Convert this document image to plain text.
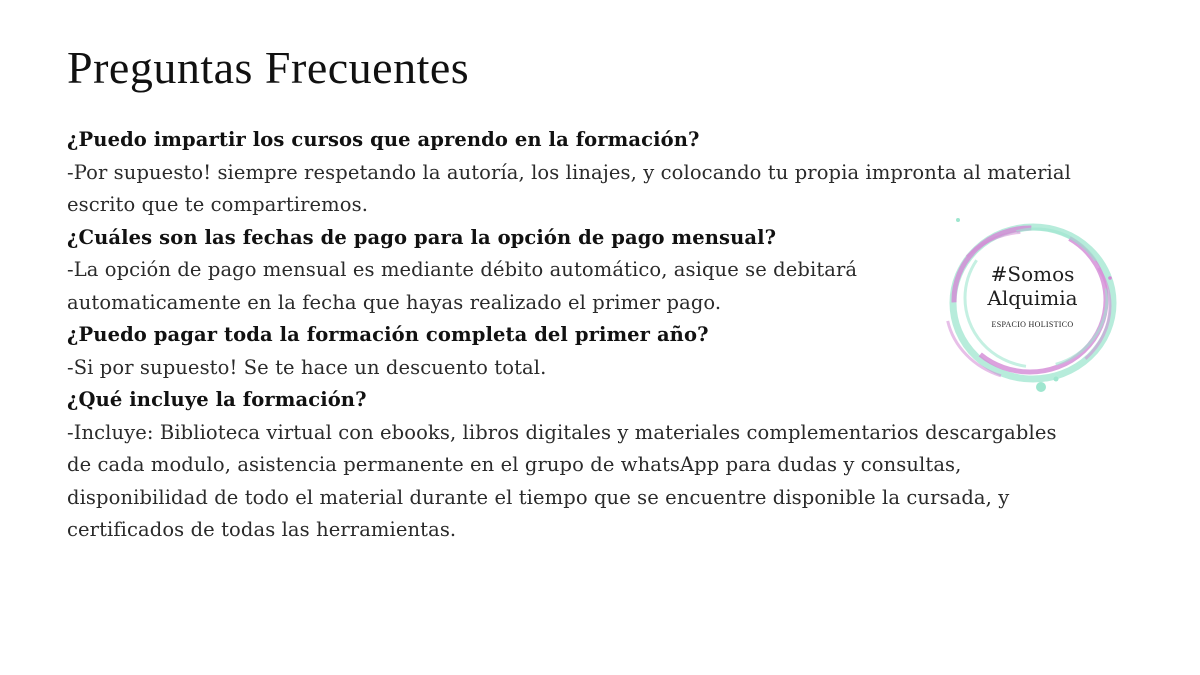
Preguntas Frecuentes

¿Puedo impartir los cursos que aprendo en la formación?

-Por supuesto! siempre respetando la autoría, los linajes, y colocando tu propia impronta al material
escrito que te compartiremos.

¿Cuáles son las fechas de pago para la opción de pago mensual?

-La opción de pago mensual es mediante débito automático, asique se debitará
automaticamente en la fecha que hayas realizado el primer pago.

¿Puedo pagar toda la formación completa del primer año?

-Si por supuesto! Se te hace un descuento total.

¿Qué incluye la formación?

-Incluye: Biblioteca virtual con ebooks, libros digitales y materiales complementarios descargables
de cada modulo, asistencia permanente en el grupo de whatsApp para dudas y consultas,
disponibilidad de todo el material durante el tiempo que se encuentre disponible la cursada, y
certificados de todas las herramientas.

#Somos
Alquimia
ESPACIO HOLISTICO
